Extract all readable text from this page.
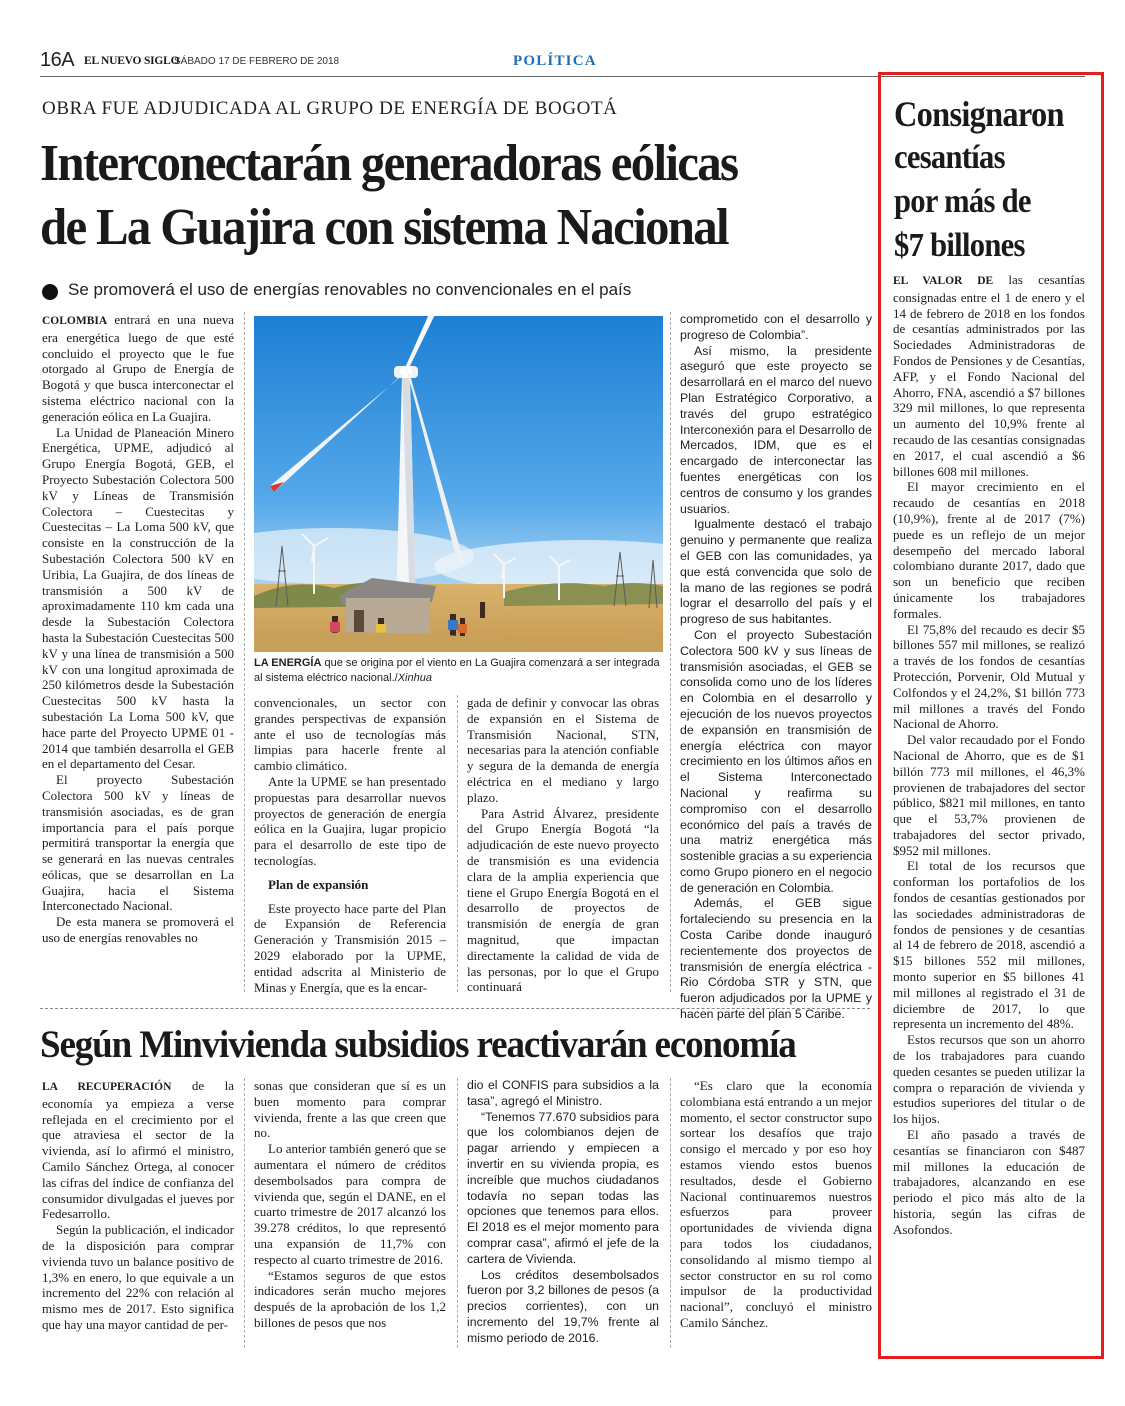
16A EL NUEVO SIGLO
SÁBADO 17 DE FEBRERO DE 2018	POLÍTICA
OBRA FUE ADJUDICADA AL GRUPO DE ENERGÍA DE BOGOTÁ
Interconectarán generadoras eólicas
de La Guajira con sistema Nacional
Se promoverá el uso de energías renovables no convencionales en el país

COLOMBIA entrará en una nueva era energética luego de que esté concluido el proyecto que le fue otorgado al Grupo de Energía de Bogotá y que busca interconectar el sistema eléctrico nacional con la generación eólica en La Guajira.

La Unidad de Planeación Minero Energética, UPME, adjudicó al Grupo Energía Bogotá, GEB, el Proyecto Subestación Colectora 500 kV y Líneas de Transmisión Colectora – Cuestecitas y Cuestecitas – La Loma 500 kV, que consiste en la construcción de la Subestación Colectora 500 kV en Uribia, La Guajira, de dos líneas de transmisión a 500 kV de aproximadamente 110 km cada una desde la Subestación Colectora hasta la Subestación Cuestecitas 500 kV y una línea de transmisión a 500 kV con una longitud aproximada de 250 kilómetros desde la Subestación Cuestecitas 500 kV hasta la subestación La Loma 500 kV, que hace parte del Proyecto UPME 01 - 2014 que también desarrolla el GEB en el departamento del Cesar.

El proyecto Subestación Colectora 500 kV y líneas de transmisión asociadas, es de gran importancia para el país porque permitirá transportar la energía que se generará en las nuevas centrales eólicas, que se desarrollan en La Guajira, hacia el Sistema Interconectado Nacional.

De esta manera se promoverá el uso de energías renovables no

LA ENERGÍA que se origina por el viento en La Guajira comenzará a ser integrada al sistema eléctrico nacional./Xinhua

convencionales, un sector con grandes perspectivas de expansión ante el uso de tecnologías más limpias para hacerle frente al cambio climático.

Ante la UPME se han presentado propuestas para desarrollar nuevos proyectos de generación de energía eólica en la Guajira, lugar propicio para el desarrollo de este tipo de tecnologías.

Plan de expansión

Este proyecto hace parte del Plan de Expansión de Referencia Generación y Transmisión 2015 – 2029 elaborado por la UPME, entidad adscrita al Ministerio de Minas y Energía, que es la encar-

gada de definir y convocar las obras de expansión en el Sistema de Transmisión Nacional, STN, necesarias para la atención confiable y segura de la demanda de energía eléctrica en el mediano y largo plazo.

Para Astrid Álvarez, presidente del Grupo Energía Bogotá “la adjudicación de este nuevo proyecto de transmisión es una evidencia clara de la amplia experiencia que tiene el Grupo Energía Bogotá en el desarrollo de proyectos de transmisión de energía de gran magnitud, que impactan directamente la calidad de vida de las personas, por lo que el Grupo continuará

comprometido con el desarrollo y progreso de Colombia”.

Así mismo, la presidente aseguró que este proyecto se desarrollará en el marco del nuevo Plan Estratégico Corporativo, a través del grupo estratégico Interconexión para el Desarrollo de Mercados, IDM, que es el encargado de interconectar las fuentes energéticas con los centros de consumo y los grandes usuarios.

Igualmente destacó el trabajo genuino y permanente que realiza el GEB con las comunidades, ya que está convencida que solo de la mano de las regiones se podrá lograr el desarrollo del país y el progreso de sus habitantes.

Con el proyecto Subestación Colectora 500 kV y sus líneas de transmisión asociadas, el GEB se consolida como uno de los líderes en Colombia en el desarrollo y ejecución de los nuevos proyectos de expansión en transmisión de energía eléctrica con mayor crecimiento en los últimos años en el Sistema Interconectado Nacional y reafirma su compromiso con el desarrollo económico del país a través de una matriz energética más sostenible gracias a su experiencia como Grupo pionero en el negocio de generación en Colombia.

Además, el GEB sigue fortaleciendo su presencia en la Costa Caribe donde inauguró recientemente dos proyectos de transmisión de energía eléctrica - Rio Córdoba STR y STN, que fueron adjudicados por la UPME y hacen parte del plan 5 Caribe.

Según Minvivienda subsidios reactivarán economía

LA RECUPERACIÓN de la economía ya empieza a verse reflejada en el crecimiento por el que atraviesa el sector de la vivienda, así lo afirmó el ministro, Camilo Sánchez Ortega, al conocer las cifras del índice de confianza del consumidor divulgadas el jueves por Fedesarrollo.

Según la publicación, el indicador de la disposición para comprar vivienda tuvo un balance positivo de 1,3% en enero, lo que equivale a un incremento del 22% con relación al mismo mes de 2017. Esto significa que hay una mayor cantidad de per-

sonas que consideran que sí es un buen momento para comprar vivienda, frente a las que creen que no.

Lo anterior también generó que se aumentara el número de créditos desembolsados para compra de vivienda que, según el DANE, en el cuarto trimestre de 2017 alcanzó los 39.278 créditos, lo que representó una expansión de 11,7% con respecto al cuarto trimestre de 2016.

“Estamos seguros de que estos indicadores serán mucho mejores después de la aprobación de los 1,2 billones de pesos que nos

dio el CONFIS para subsidios a la tasa”, agregó el Ministro.

“Tenemos 77.670 subsidios para que los colombianos dejen de pagar arriendo y empiecen a invertir en su vivienda propia, es increíble que muchos ciudadanos todavía no sepan todas las opciones que tenemos para ellos. El 2018 es el mejor momento para comprar casa”, afirmó el jefe de la cartera de Vivienda.

Los créditos desembolsados fueron por 3,2 billones de pesos (a precios corrientes), con un incremento del 19,7% frente al mismo periodo de 2016.

“Es claro que la economía colombiana está entrando a un mejor momento, el sector constructor supo sortear los desafíos que trajo consigo el mercado y por eso hoy estamos viendo estos buenos resultados, desde el Gobierno Nacional continuaremos nuestros esfuerzos para proveer oportunidades de vivienda digna para todos los ciudadanos, consolidando al mismo tiempo al sector constructor en su rol como impulsor de la productividad nacional”, concluyó el ministro Camilo Sánchez.

Consignaron
cesantías
por más de
$7 billones

EL VALOR DE las cesantías consignadas entre el 1 de enero y el 14 de febrero de 2018 en los fondos de cesantías administrados por las Sociedades Administradoras de Fondos de Pensiones y de Cesantías, AFP, y el Fondo Nacional del Ahorro, FNA, ascendió a $7 billones 329 mil millones, lo que representa un aumento del 10,9% frente al recaudo de las cesantías consignadas en 2017, el cual ascendió a $6 billones 608 mil millones.

El mayor crecimiento en el recaudo de cesantías en 2018 (10,9%), frente al de 2017 (7%) puede es un reflejo de un mejor desempeño del mercado laboral colombiano durante 2017, dado que son un beneficio que reciben únicamente los trabajadores formales.

El 75,8% del recaudo es decir $5 billones 557 mil millones, se realizó a través de los fondos de cesantías Protección, Porvenir, Old Mutual y Colfondos y el 24,2%, $1 billón 773 mil millones a través del Fondo Nacional de Ahorro.

Del valor recaudado por el Fondo Nacional de Ahorro, que es de $1 billón 773 mil millones, el 46,3% provienen de trabajadores del sector público, $821 mil millones, en tanto que el 53,7% provienen de trabajadores del sector privado, $952 mil millones.

El total de los recursos que conforman los portafolios de los fondos de cesantías gestionados por las sociedades administradoras de fondos de pensiones y de cesantías al 14 de febrero de 2018, ascendió a $15 billones 552 mil millones, monto superior en $5 billones 41 mil millones al registrado el 31 de diciembre de 2017, lo que representa un incremento del 48%.

Estos recursos que son un ahorro de los trabajadores para cuando queden cesantes se pueden utilizar la compra o reparación de vivienda y estudios superiores del titular o de los hijos.

El año pasado a través de cesantías se financiaron con $487 mil millones la educación de trabajadores, alcanzando en ese periodo el pico más alto de la historia, según las cifras de Asofondos.
